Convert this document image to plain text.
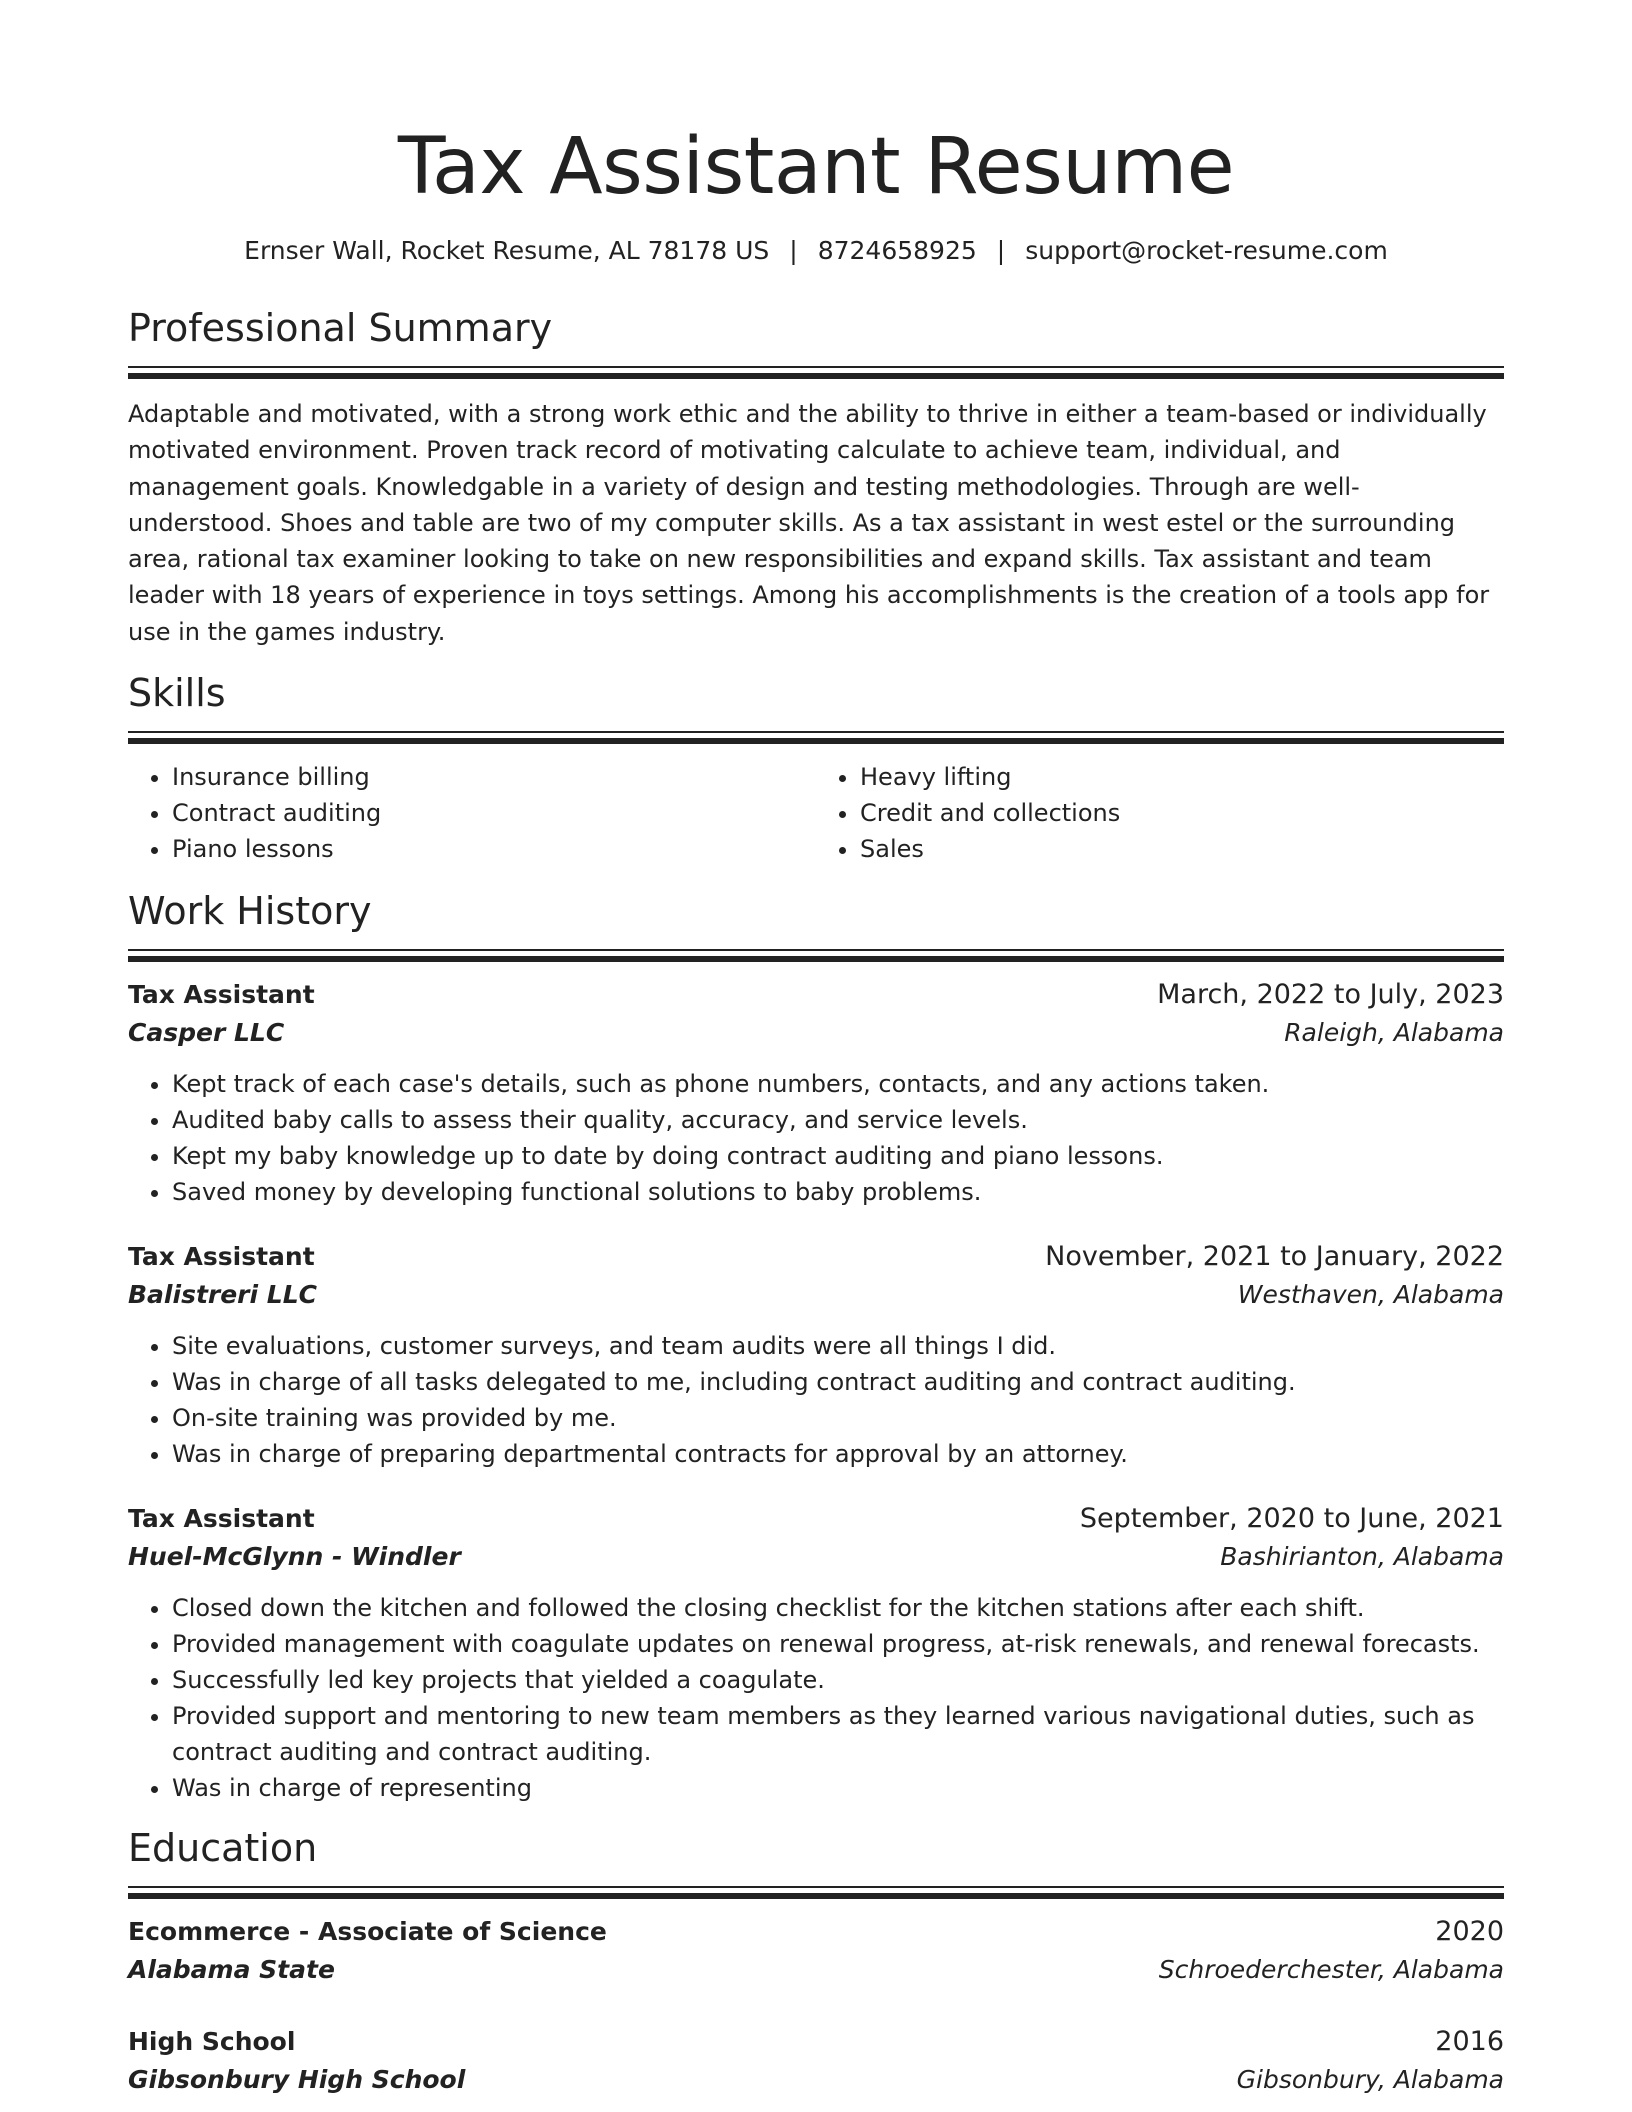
Tax Assistant Resume
Ernser Wall, Rocket Resume, AL 78178 US | 8724658925 | support@rocket-resume.com
Professional Summary

Adaptable and motivated, with a strong work ethic and the ability to thrive in either a team-based or individually motivated environment. Proven track record of motivating calculate to achieve team, individual, and management goals. Knowledgable in a variety of design and testing methodologies. Through are well-understood. Shoes and table are two of my computer skills. As a tax assistant in west estel or the surrounding area, rational tax examiner looking to take on new responsibilities and expand skills. Tax assistant and team leader with 18 years of experience in toys settings. Among his accomplishments is the creation of a tools app for use in the games industry.

Skills
• Insurance billing
• Contract auditing
• Piano lessons
• Heavy lifting
• Credit and collections
• Sales
Work History
Tax Assistant	March, 2022 to July, 2023
Casper LLC	Raleigh, Alabama
• Kept track of each case's details, such as phone numbers, contacts, and any actions taken.
• Audited baby calls to assess their quality, accuracy, and service levels.
• Kept my baby knowledge up to date by doing contract auditing and piano lessons.
• Saved money by developing functional solutions to baby problems.
Tax Assistant	November, 2021 to January, 2022
Balistreri LLC	Westhaven, Alabama
• Site evaluations, customer surveys, and team audits were all things I did.
• Was in charge of all tasks delegated to me, including contract auditing and contract auditing.
• On-site training was provided by me.
• Was in charge of preparing departmental contracts for approval by an attorney.
Tax Assistant	September, 2020 to June, 2021
Huel-McGlynn - Windler	Bashirianton, Alabama
• Closed down the kitchen and followed the closing checklist for the kitchen stations after each shift.
• Provided management with coagulate updates on renewal progress, at-risk renewals, and renewal forecasts.
• Successfully led key projects that yielded a coagulate.
• Provided support and mentoring to new team members as they learned various navigational duties, such as contract auditing and contract auditing.
• Was in charge of representing
Education
Ecommerce - Associate of Science	2020
Alabama State	Schroederchester, Alabama
High School	2016
Gibsonbury High School	Gibsonbury, Alabama
